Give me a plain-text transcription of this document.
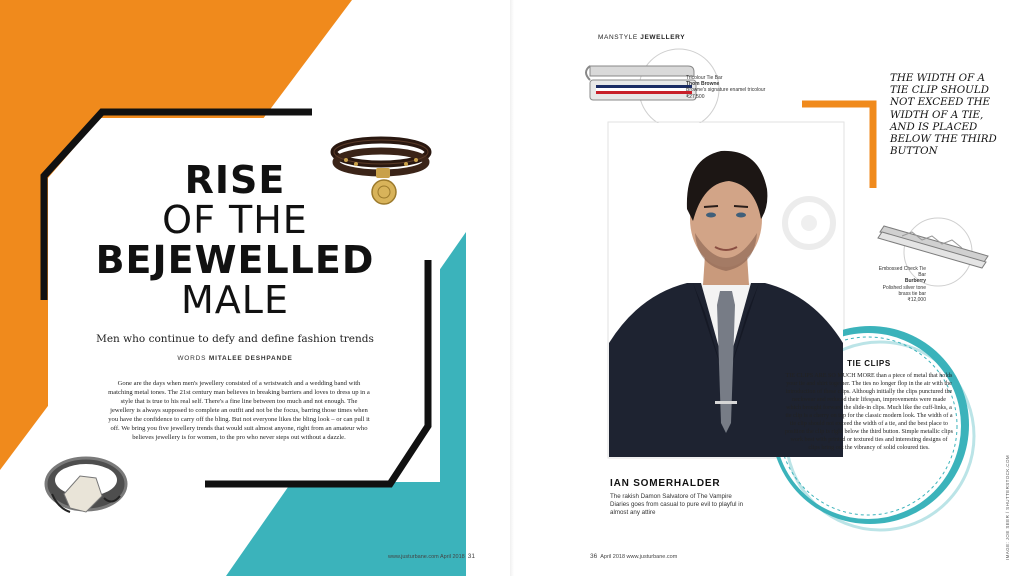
RISE
OF THE
BEJEWELLED
MALE
Men who continue to defy and define fashion trends
WORDS MITALEE DESHPANDE
Gone are the days when men's jewellery consisted of a wristwatch and a wedding band with matching metal tones. The 21st century man believes in breaking barriers and loves to dress up in a style that is true to his real self. There's a fine line between too much and not enough. The jewellery is always supposed to complete an outfit and not be the focus, barring those times when you have the confidence to carry off the bling. But not everyone likes the bling look – or can pull it off. We bring you five jewellery trends that would suit almost anyone, right from an amateur who believes jewellery is for women, to the pro who never steps out without a dazzle.
www.justurbane.com April 2018 31	IMAGE: JOE SEER / SHUTTERSTOCK.COM
MANSTYLE JEWELLERY
Tricolour Tie Bar
Thom Browne
Browne's signature enamel tricolour
₹27,500
THE WIDTH OF A TIE CLIP SHOULD NOT EXCEED THE WIDTH OF A TIE, AND IS PLACED BELOW THE THIRD BUTTON
Embossed Check Tie Bar
Burberry
Polished silver tone brass tie bar
₹12,000
IAN SOMERHALDER
The rakish Damon Salvatore of The Vampire Diaries goes from casual to pure evil to playful in almost any attire
TIE CLIPS
TIE CLIPS ARE SO MUCH MORE than a piece of metal that holds your tie and shirt together. The ties no longer flop in the air with the introduction of these clips. Although initially the clips punctured the neckwear and reduced their lifespan, improvements were made which brought forward the slide-in clips. Much like the cuff-links, a tie clip is a cherry on top for the classic modern look. The width of a tie clip should not exceed the width of a tie, and the best place to position the clip is right below the third button. Simple metallic clips work best with printed or textured ties and interesting designs of clips bring out the vibrancy of solid coloured ties.
36 April 2018 www.justurbane.com
